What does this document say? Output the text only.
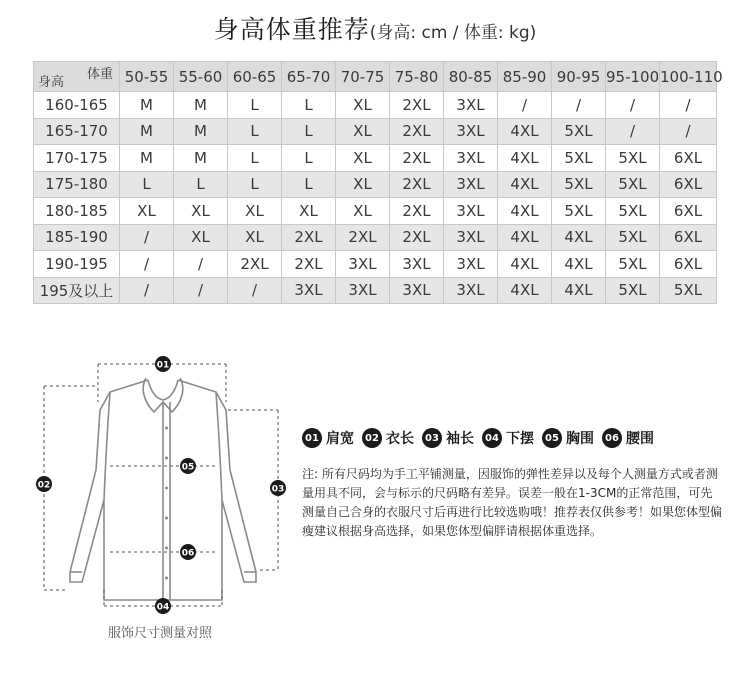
身高体重推荐(身高: cm / 体重: kg)
体重
身高	50-55	55-60	60-65	65-70	70-75	75-80	80-85	85-90	90-95	95-100	100-110
160-165	M	M	L	L	XL	2XL	3XL	/	/	/	/
165-170	M	M	L	L	XL	2XL	3XL	4XL	5XL	/	/
170-175	M	M	L	L	XL	2XL	3XL	4XL	5XL	5XL	6XL
175-180	L	L	L	L	XL	2XL	3XL	4XL	5XL	5XL	6XL
180-185	XL	XL	XL	XL	XL	2XL	3XL	4XL	5XL	5XL	6XL
185-190	/	XL	XL	2XL	2XL	2XL	3XL	4XL	4XL	5XL	6XL
190-195	/	/	2XL	2XL	3XL	3XL	3XL	4XL	4XL	5XL	6XL
195及以上	/	/	/	3XL	3XL	3XL	3XL	4XL	4XL	5XL	5XL
01
02	03
04
05
06
服饰尺寸测量对照
01 肩宽	02 衣长	03 袖长	04 下摆	05 胸围	06 腰围
注: 所有尺码均为手工平铺测量，因服饰的弹性差异以及每个人测量方式或者测量用具不同，会与标示的尺码略有差异。误差一般在1-3CM的正常范围，可先测量自己合身的衣服尺寸后再进行比较选购哦！推荐表仅供参考！如果您体型偏瘦建议根据身高选择，如果您体型偏胖请根据体重选择。
